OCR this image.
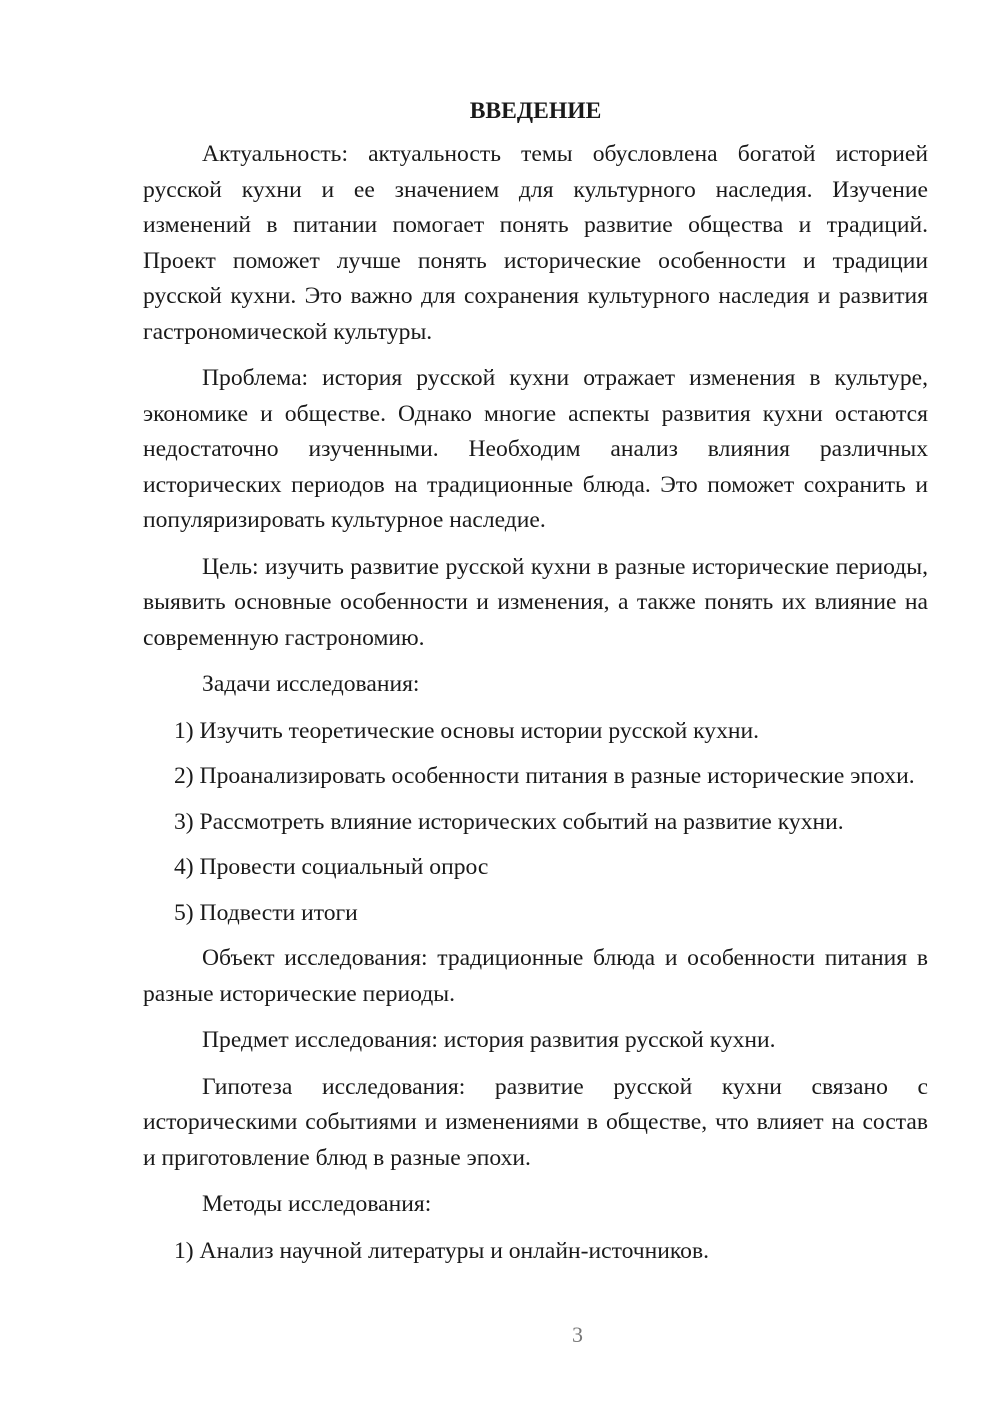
ВВЕДЕНИЕ

Актуальность: актуальность темы обусловлена богатой историей русской кухни и ее значением для культурного наследия. Изучение изменений в питании помогает понять развитие общества и традиций. Проект поможет лучше понять исторические особенности и традиции русской кухни. Это важно для сохранения культурного наследия и развития гастрономической культуры.

Проблема: история русской кухни отражает изменения в культуре, экономике и обществе. Однако многие аспекты развития кухни остаются недостаточно изученными. Необходим анализ влияния различных исторических периодов на традиционные блюда. Это поможет сохранить и популяризировать культурное наследие.

Цель: изучить развитие русской кухни в разные исторические периоды, выявить основные особенности и изменения, а также понять их влияние на современную гастрономию.

Задачи исследования:

1) Изучить теоретические основы истории русской кухни.

2) Проанализировать особенности питания в разные исторические эпохи.

3) Рассмотреть влияние исторических событий на развитие кухни.

4) Провести социальный опрос

5) Подвести итоги

Объект исследования: традиционные блюда и особенности питания в разные исторические периоды.

Предмет исследования: история развития русской кухни.

Гипотеза исследования: развитие русской кухни связано с историческими событиями и изменениями в обществе, что влияет на состав и приготовление блюд в разные эпохи.

Методы исследования:

1) Анализ научной литературы и онлайн-источников.

3
